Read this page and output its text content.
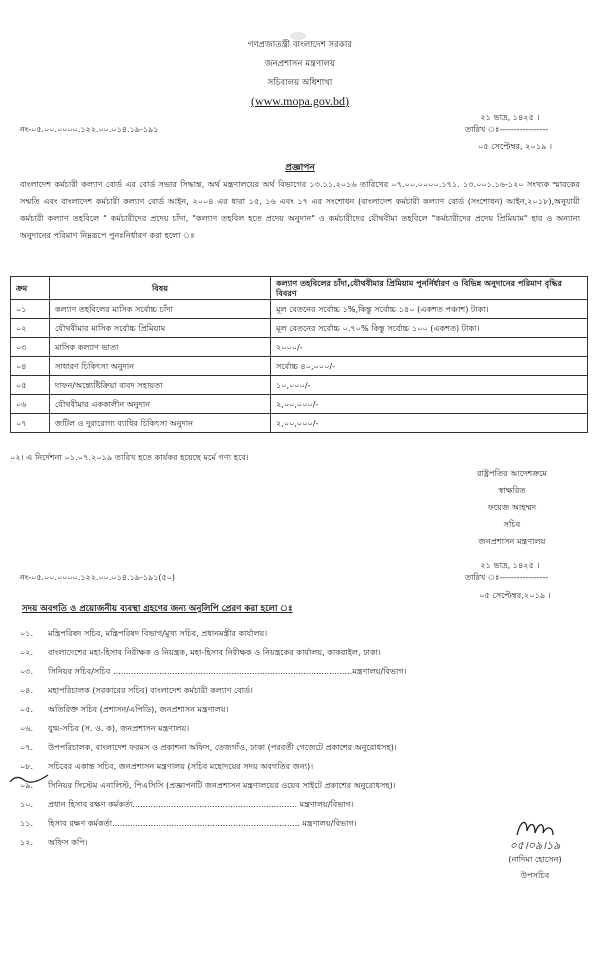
গণপ্রজাতন্ত্রী বাংলাদেশ সরকার
জনপ্রশাসন মন্ত্রণালয়
সচিবালয় অধিশাখা
(www.mopa.gov.bd)
২১ ভাদ্র, ১৪২৫ ।
নং-০৫.০০.০০০০.১২২.০০.০১৪.১৯-১৯১	তারিখ ঃ-----------------
০৫ সেপ্টেম্বর, ২০১৯ ।
প্রজ্ঞাপন
বাংলাদেশ কর্মচারী কল্যাণ বোর্ড এর বোর্ড সভার সিদ্ধান্ত, অর্থ মন্ত্রণালয়ের অর্থ বিভাগের ১৩.১১.২০১৬ তারিখের ০৭.০০.০০০০.১৭১. ১৩.০০১.১৬-১২০ সংখ্যক স্মারকের সম্মতি এবং বাংলাদেশ কর্মচারী কল্যাণ বোর্ড আইন, ২০০৪ এর ধারা ১৫, ১৬ এবং ১৭ এর সংশোধন (বাংলাদেশ কর্মচারী কল্যাণ বোর্ড (সংশোধন) আইন,২০১৮),অনুযায়ী কর্মচারী কল্যাণ তহবিলে " কর্মচারীদের প্রদেয় চাঁদা, "কল্যাণ তহবিল হতে প্রদেয় অনুদান" ও কর্মচারীদের যৌথবীমা তহবিলে "কর্মচারীদের প্রদেয় প্রিমিয়াম" হার ও অন্যান্য অনুদানের পরিমাণ নিম্নরূপে পুনঃনির্ধারণ করা হলো ঃ
ক্রম	বিষয়	কল্যাণ তহবিলের চাঁদা,যৌথবীমার প্রিমিয়াম পুনর্নির্ধারণ ও বিভিন্ন অনুদানের পরিমাণ বৃদ্ধির বিবরণ
০১	কল্যাণ তহবিলের মাসিক সর্বোচ্চ চাঁদা	মূল বেতনের সর্বোচ্চ ১%,কিন্তু সর্বোচ্চ ১৫০ (একশত পঞ্চাশ) টাকা।
০২	যৌথবীমার মাসিক সর্বোচ্চ প্রিমিয়াম	মূল বেতনের সর্বোচ্চ ০.৭০% কিন্তু সর্বোচ্চ ১০০ (একশত) টাকা।
০৩	মাসিক কল্যাণ ভাতা	২০০০/-
০৪	সাধারণ চিকিৎসা অনুদান	সর্বোচ্চ ৪০,০০০/-
০৫	দাফন/অন্ত্যেষ্টিক্রিয়া বাবদ সহায়তা	১০,০০০/-
০৬	যৌথবীমার এককালীন অনুদান	২,০০,০০০/-
০৭	জটিল ও দুরারোগ্য ব্যাধির চিকিৎসা অনুদান	২,০০,০০০/-
০২। এ নির্দেশনা ০১.০৭.২০১৯ তারিখ হতে কার্যকর হয়েছে মর্মে গণ্য হবে।
রাষ্ট্রপতির আদেশক্রমে
স্বাক্ষরিত
ফয়েজ আহম্মদ
সচিব
জনপ্রশাসন মন্ত্রণালয়
২১ ভাদ্র, ১৪২৫ ।
নং-০৫.০০.০০০০.১২২.০০.০১৪.১৯-১৯১(৫০)	তারিখ ঃ-----------------
০৫ সেপ্টেম্বর,২০১৯ ।
সদয় অবগতি ও প্রয়োজনীয় ব্যবস্থা গ্রহণের জন্য অনুলিপি প্রেরণ করা হলো ঃ
০১.	মন্ত্রিপরিষদ সচিব, মন্ত্রিপরিষদ বিভাগ/মুখ্য সচিব, প্রধানমন্ত্রীর কার্যালয়।
০২.	বাংলাদেশের মহা-হিসাব নিরীক্ষক ও নিয়ন্ত্রক, মহা-হিসাব নিরীক্ষক ও নিয়ন্ত্রকের কার্যালয়, কাকরাইল, ঢাকা।
০৩.	সিনিয়র সচিব/সচিব .............................................................................................মন্ত্রণালয়/বিভাগ।
০৪.	মহাপরিচালক (সরকারের সচিব) বাংলাদেশ কর্মচারী কল্যাণ বোর্ড।
০৫.	অতিরিক্ত সচিব (প্রশাসন/এপিডি), জনপ্রশাসন মন্ত্রণালয়।
০৬.	যুগ্ম-সচিব (স. ও. ক), জনপ্রশাসন মন্ত্রণালয়।
০৭.	উপপরিচালক, বাংলাদেশ ফরমস ও প্রকাশনা অফিস, তেজগাঁও, ঢাকা (পরবর্তী গেজেটে প্রকাশের অনুরোধসহ)।
০৮.	সচিবের একান্ত সচিব, জনপ্রশাসন মন্ত্রণালয় (সচিব মহোদয়ের সদয় অবগতির জন্য)।
০৯.	সিনিয়র সিস্টেম এনালিস্ট, পিএসিসি (প্রজ্ঞাপনটি জনপ্রশাসন মন্ত্রণালয়ের ওয়েব সাইটে প্রকাশের অনুরোধসহ)।
১০.	প্রধান হিসাব রক্ষণ কর্মকর্তা................................................................ মন্ত্রণালয়/বিভাগ।
১১.	হিসাব রক্ষণ কর্মকর্তা......................................................................... মন্ত্রণালয়/বিভাগ।
১২.	অফিস কপি।	০৫।০৯।১৯
(নাদিমা হোসেন)
উপসচিব
